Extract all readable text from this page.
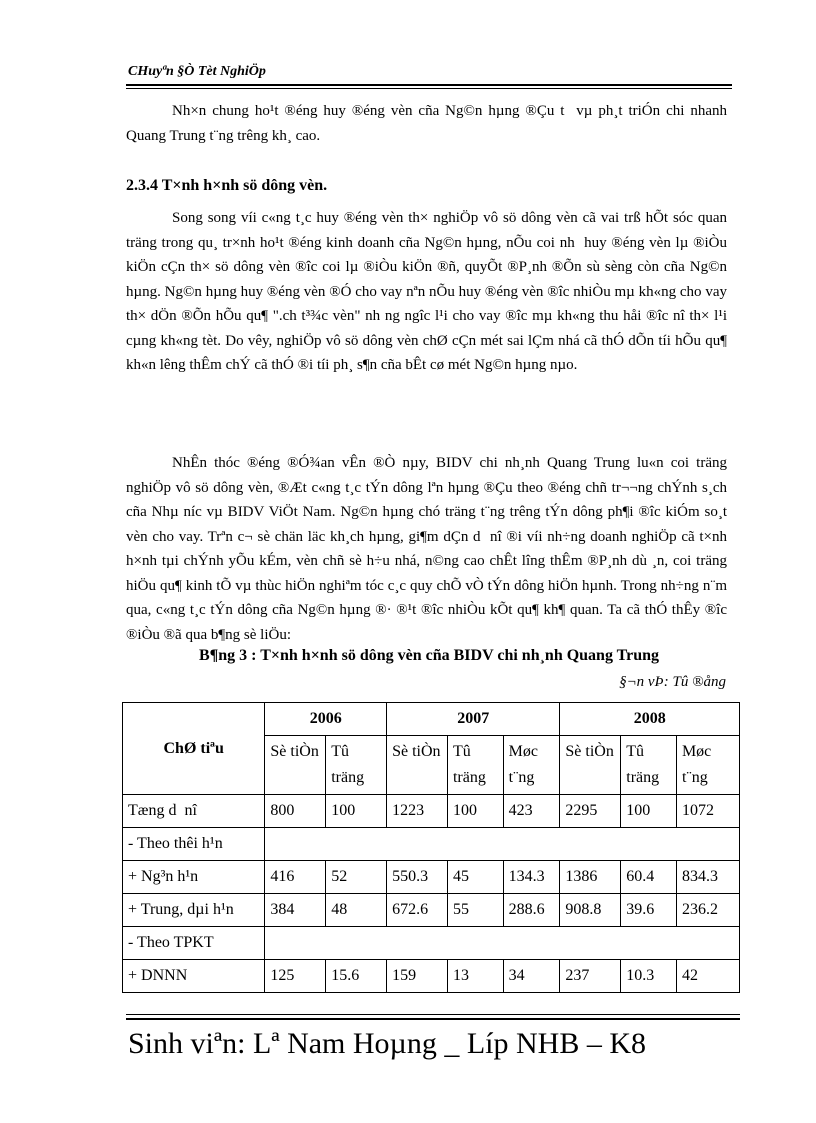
CHuyªn §Ò Tèt NghiÖp

Nh×n chung ho¹t ®éng huy ®éng vèn cña Ng©n hµng ®Çu t  vµ ph¸t triÓn chi nhanh Quang Trung t¨ng trêng kh¸ cao.

2.3.4 T×nh h×nh sö dông vèn.

Song song víi c«ng t¸c huy ®éng vèn th× nghiÖp vô sö dông vèn cã vai trß hÕt sóc quan träng trong qu¸ tr×nh ho¹t ®éng kinh doanh cña Ng©n hµng, nÕu coi nh  huy ®éng vèn lµ ®iÒu kiÖn cÇn th× sö dông vèn ®îc coi lµ ®iÒu kiÖn ®ñ, quyÕt ®P¸nh ®Õn sù sèng còn cña Ng©n hµng. Ng©n hµng huy ®éng vèn ®Ó cho vay nªn nÕu huy ®éng vèn ®îc nhiÒu mµ kh«ng cho vay th× dÖn ®Õn hÕu qu¶ ".ch t³¾c vèn" nh ng ngîc l¹i cho vay ®îc mµ kh«ng thu håi ®îc nî th× l¹i cµng kh«ng tèt. Do vêy, nghiÖp vô sö dông vèn chØ cÇn mét sai lÇm nhá cã thÓ dÕn tíi hÕu qu¶ kh«n lêng thÊm chÝ cã thÓ ®i tíi ph¸ s¶n cña bÊt cø mét Ng©n hµng nµo.

NhÊn thóc ®éng ®Ó¾an vÊn ®Ò nµy, BIDV chi nh¸nh Quang Trung lu«n coi träng nghiÖp vô sö dông vèn, ®Æt c«ng t¸c tÝn dông lªn hµng ®Çu theo ®éng chñ tr¬¬ng chÝnh s¸ch cña Nhµ níc vµ BIDV ViÖt Nam. Ng©n hµng chó träng t¨ng trêng tÝn dông ph¶i ®îc kiÓm so¸t vèn cho vay. Trªn c¬ sè chän läc kh¸ch hµng, gi¶m dÇn d  nî ®i víi nh÷ng doanh nghiÖp cã t×nh h×nh tµi chÝnh yÕu kÉm, vèn chñ sè h÷u nhá, n©ng cao chÊt lîng thÊm ®P¸nh dù ¸n, coi träng hiÖu qu¶ kinh tÕ vµ thùc hiÖn nghiªm tóc c¸c quy chÕ vÒ tÝn dông hiÖn hµnh. Trong nh÷ng n¨m qua, c«ng t¸c tÝn dông cña Ng©n hµng ®· ®¹t ®îc nhiÒu kÕt qu¶ kh¶ quan. Ta cã thÓ thÊy ®îc ®iÒu ®ã qua b¶ng sè liÖu:

B¶ng 3 : T×nh h×nh sö dông vèn cña BIDV chi nh¸nh Quang Trung
§¬n vÞ: Tû ®ång
ChØ tiªu	2006		2007			2008		
	Sè tiÒn	Tû träng	Sè tiÒn	Tû träng	Møc t¨ng	Sè tiÒn	Tû träng	Møc t¨ng
Tæng d  nî	800	100	1223	100	423	2295	100	1072
- Theo thêi h¹n								
+ Ng³n h¹n	416	52	550.3	45	134.3	1386	60.4	834.3
+ Trung, dµi h¹n	384	48	672.6	55	288.6	908.8	39.6	236.2
- Theo TPKT								
+ DNNN	125	15.6	159	13	34	237	10.3	42
Sinh viªn: Lª Nam Hoµng _ Líp NHB – K8
